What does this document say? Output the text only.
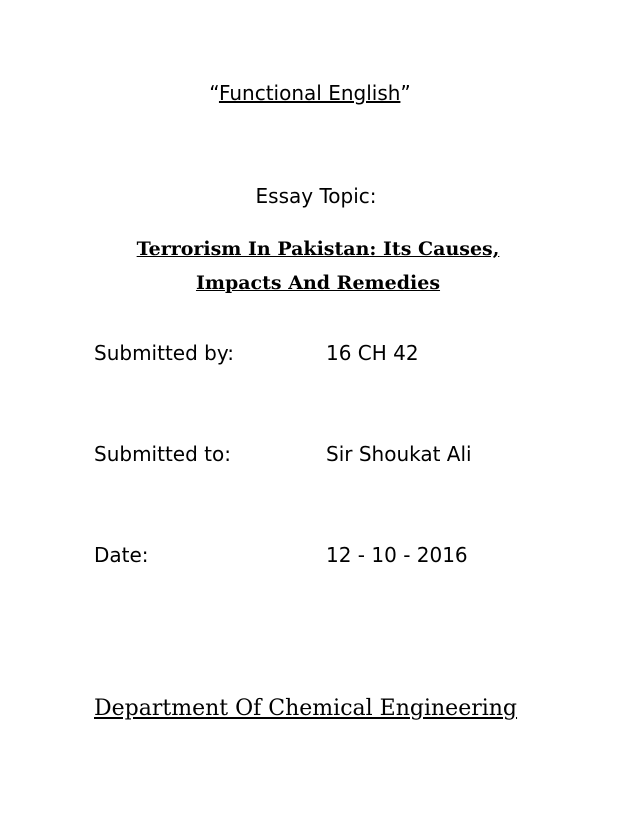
“Functional English”
Essay Topic:
Terrorism In Pakistan: Its Causes,
Impacts And Remedies
Submitted by:	16 CH 42
Submitted to:	Sir Shoukat Ali
Date:	12 - 10 - 2016
Department Of Chemical Engineering
